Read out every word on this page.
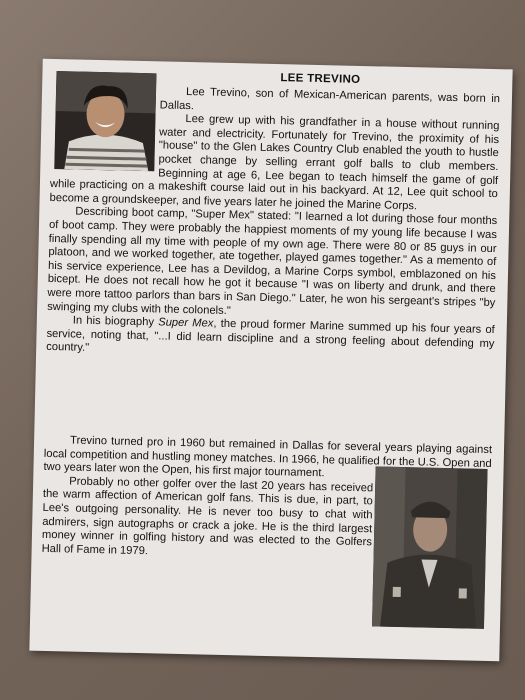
LEE TREVINO

Lee Trevino, son of Mexican-American parents, was born in Dallas.

Lee grew up with his grandfather in a house without running water and electricity. Fortunately for Trevino, the proximity of his "house" to the Glen Lakes Country Club enabled the youth to hustle pocket change by selling errant golf balls to club members. Beginning at age 6, Lee began to teach himself the game of golf while practicing on a makeshift course laid out in his backyard. At 12, Lee quit school to become a groundskeeper, and five years later he joined the Marine Corps.

Describing boot camp, "Super Mex" stated: "I learned a lot during those four months of boot camp. They were probably the happiest moments of my young life because I was finally spending all my time with people of my own age. There were 80 or 85 guys in our platoon, and we worked together, ate together, played games together." As a memento of his service experience, Lee has a Devildog, a Marine Corps symbol, emblazoned on his bicept. He does not recall how he got it because "I was on liberty and drunk, and there were more tattoo parlors than bars in San Diego." Later, he won his sergeant's stripes "by swinging my clubs with the colonels."

In his biography Super Mex, the proud former Marine summed up his four years of service, noting that, "...I did learn discipline and a strong feeling about defending my country."

Trevino turned pro in 1960 but remained in Dallas for several years playing against local competition and hustling money matches. In 1966, he qualified for the U.S. Open and two years later won the Open, his first major tournament.

Probably no other golfer over the last 20 years has received the warm affection of American golf fans. This is due, in part, to Lee's outgoing personality. He is never too busy to chat with admirers, sign autographs or crack a joke. He is the third largest money winner in golfing history and was elected to the Golfers Hall of Fame in 1979.
